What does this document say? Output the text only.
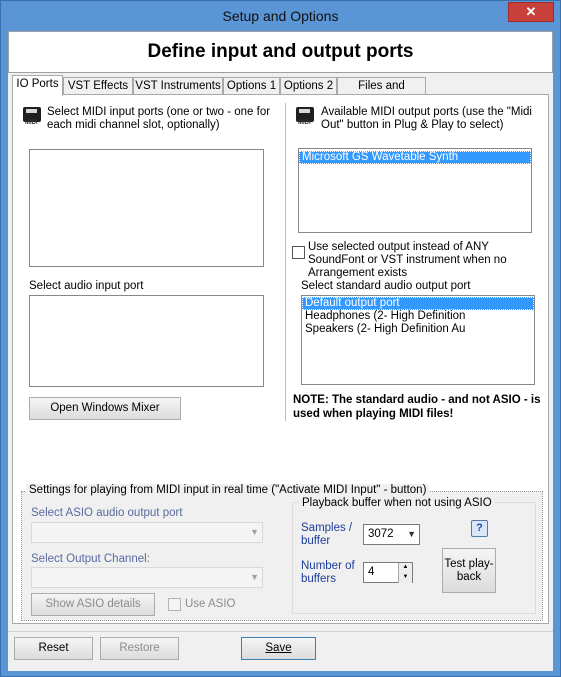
Setup and Options	✕
Define input and output ports
IO Ports VST Effects VST Instruments Options 1 Options 2	Files and
MIDI
Select MIDI input ports (one or two - one for each midi channel slot, optionally)
Select audio input port
Open Windows Mixer
MIDI
Available MIDI output ports (use the "Midi Out" button in Plug & Play to select)
Microsoft GS Wavetable Synth
Use selected output instead of ANY SoundFont or VST instrument when no Arrangement exists
Select standard audio output port
Default output port
Headphones (2- High Definition
Speakers (2- High Definition Au
NOTE: The standard audio - and not ASIO - is used when playing MIDI files!
Settings for playing from MIDI input in real time ("Activate MIDI Input" - button)
Select ASIO audio output port
▼
Select Output Channel:
▼
Show ASIO details	Use ASIO
Playback buffer when not using ASIO
Samples / buffer
3072 ▼
Number of buffers
4	▲
▼
?
Test play-back
Reset	Restore	Save
